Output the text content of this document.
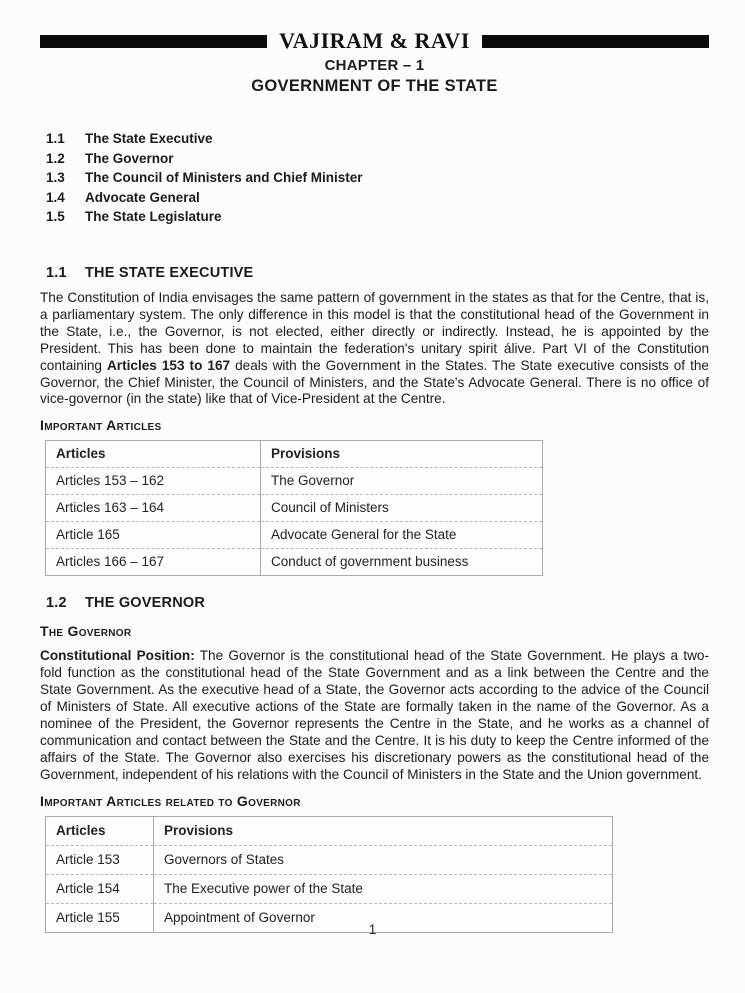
VAJIRAM & RAVI
CHAPTER – 1
GOVERNMENT OF THE STATE
1.1	The State Executive
1.2	The Governor
1.3	The Council of Ministers and Chief Minister
1.4	Advocate General
1.5	The State Legislature
1.1	THE STATE EXECUTIVE

The Constitution of India envisages the same pattern of government in the states as that for the Centre, that is, a parliamentary system. The only difference in this model is that the constitutional head of the Government in the State, i.e., the Governor, is not elected, either directly or indirectly. Instead, he is appointed by the President. This has been done to maintain the federation's unitary spirit álive. Part VI of the Constitution containing Articles 153 to 167 deals with the Government in the States. The State executive consists of the Governor, the Chief Minister, the Council of Ministers, and the State's Advocate General. There is no office of vice-governor (in the state) like that of Vice-President at the Centre.

Important Articles
Articles	Provisions
Articles 153 – 162	The Governor
Articles 163 – 164	Council of Ministers
Article 165	Advocate General for the State
Articles 166 – 167	Conduct of government business
1.2	THE GOVERNOR
The Governor

Constitutional Position: The Governor is the constitutional head of the State Government. He plays a two-fold function as the constitutional head of the State Government and as a link between the Centre and the State Government. As the executive head of a State, the Governor acts according to the advice of the Council of Ministers of State. All executive actions of the State are formally taken in the name of the Governor. As a nominee of the President, the Governor represents the Centre in the State, and he works as a channel of communication and contact between the State and the Centre. It is his duty to keep the Centre informed of the affairs of the State. The Governor also exercises his discretionary powers as the constitutional head of the Government, independent of his relations with the Council of Ministers in the State and the Union government.

Important Articles related to Governor
Articles	Provisions
Article 153	Governors of States
Article 154	The Executive power of the State
Article 155	Appointment of Governor
1
